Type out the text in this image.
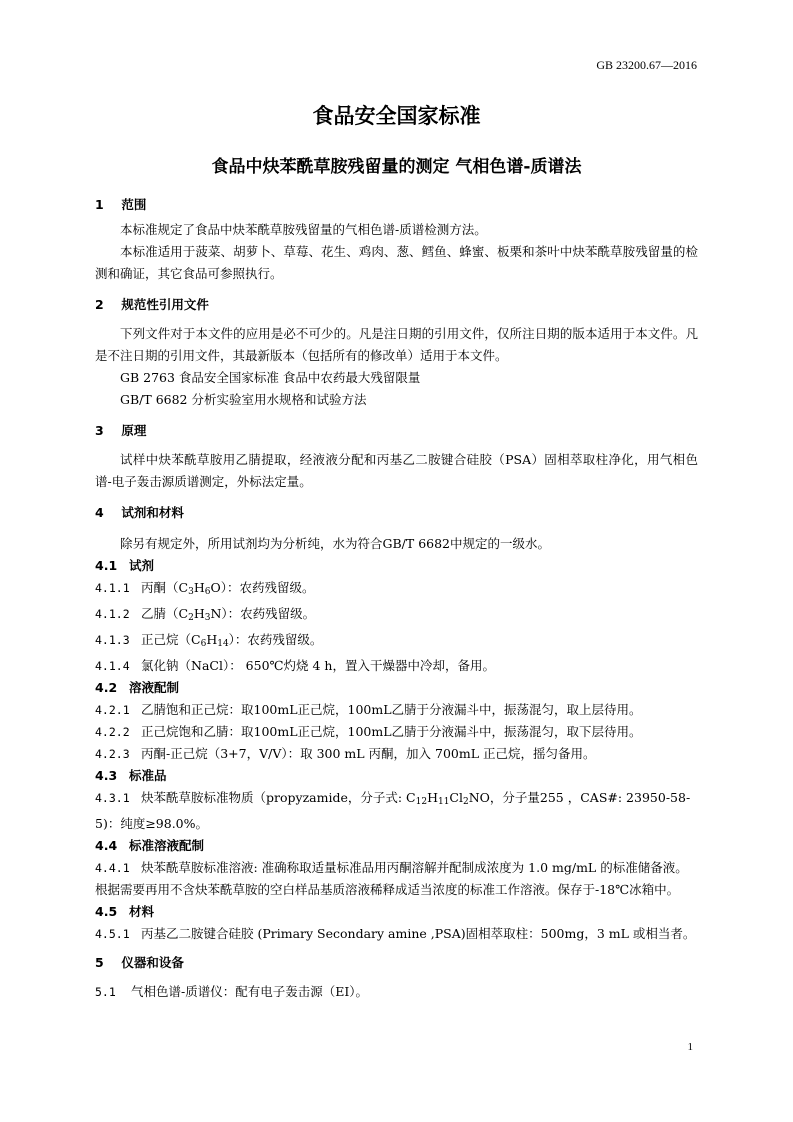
GB 23200.67—2016
食品安全国家标准
食品中炔苯酰草胺残留量的测定 气相色谱-质谱法
1 范围

本标准规定了食品中炔苯酰草胺残留量的气相色谱-质谱检测方法。

本标准适用于菠菜、胡萝卜、草莓、花生、鸡肉、葱、鳕鱼、蜂蜜、板栗和茶叶中炔苯酰草胺残留量的检测和确证，其它食品可参照执行。

2 规范性引用文件

下列文件对于本文件的应用是必不可少的。凡是注日期的引用文件，仅所注日期的版本适用于本文件。凡是不注日期的引用文件，其最新版本（包括所有的修改单）适用于本文件。

GB 2763 食品安全国家标准 食品中农药最大残留限量

GB/T 6682 分析实验室用水规格和试验方法

3 原理

试样中炔苯酰草胺用乙腈提取，经液液分配和丙基乙二胺键合硅胶（PSA）固相萃取柱净化，用气相色谱-电子轰击源质谱测定，外标法定量。

4 试剂和材料

除另有规定外，所用试剂均为分析纯，水为符合GB/T 6682中规定的一级水。

4.1 试剂

4.1.1 丙酮$(C_3H_6O)$：农药残留级。

4.1.2 乙腈$(C_2H_3N)$：农药残留级。

4.1.3 正己烷$(C_6H_{14})$：农药残留级。

4.1.4 氯化钠（NaCl）： 650℃灼烧 4 h，置入干燥器中冷却，备用。

4.2 溶液配制

4.2.1 乙腈饱和正己烷：取100mL正己烷，100mL乙腈于分液漏斗中，振荡混匀，取上层待用。

4.2.2 正己烷饱和乙腈：取100mL正己烷，100mL乙腈于分液漏斗中，振荡混匀，取下层待用。

4.2.3 丙酮-正己烷（3+7，V/V）：取 300 mL 丙酮，加入 700mL 正己烷，摇匀备用。

4.3 标准品

4.3.1 炔苯酰草胺标准物质（propyzamide，分子式: $C_{12}H_{11}Cl_2NO$，分子量255 ，CAS#: 23950-58-5)：纯度≥98.0%。

4.4 标准溶液配制

4.4.1 炔苯酰草胺标准溶液: 准确称取适量标准品用丙酮溶解并配制成浓度为 1.0 mg/mL 的标准储备液。根据需要再用不含炔苯酰草胺的空白样品基质溶液稀释成适当浓度的标准工作溶液。保存于-18℃冰箱中。

4.5 材料

4.5.1 丙基乙二胺键合硅胶 (Primary Secondary amine ,PSA)固相萃取柱：500mg，3 mL 或相当者。

5 仪器和设备

5.1 气相色谱-质谱仪：配有电子轰击源（EI）。

1
